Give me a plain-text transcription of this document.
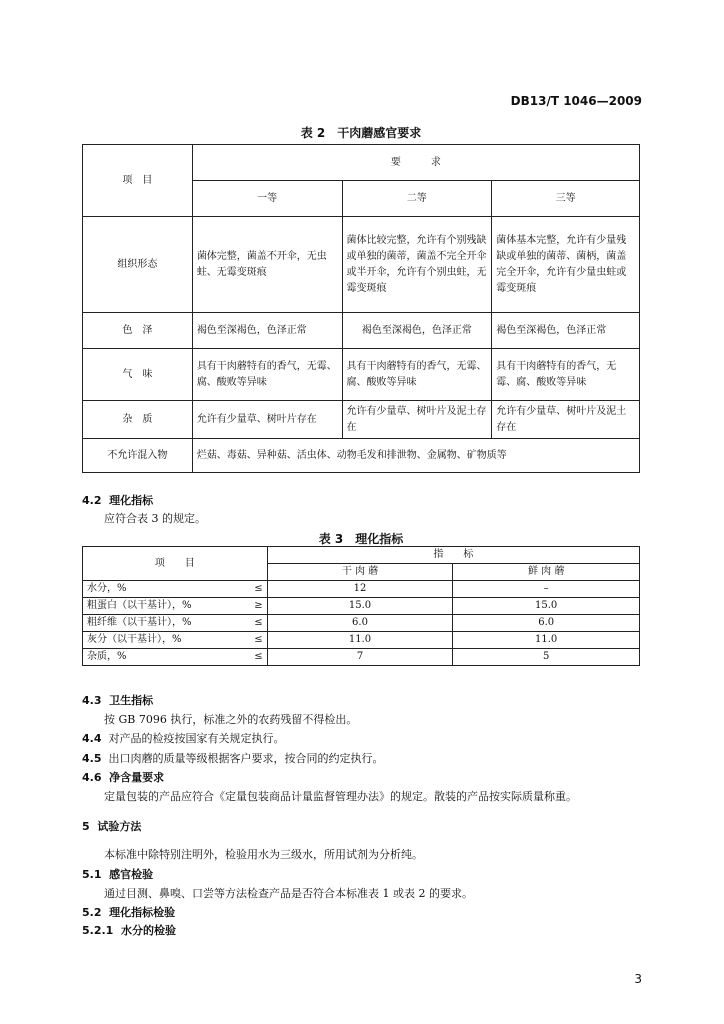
DB13/T 1046—2009
表 2　干肉蘑感官要求
项　目	要　　　求		
	一等	二等	三等
组织形态	菌体完整，菌盖不开伞，无虫蛀、无霉变斑痕	菌体比较完整，允许有个别残缺或单独的菌蒂，菌盖不完全开伞或半开伞，允许有个别虫蛀，无霉变斑痕	菌体基本完整，允许有少量残缺或单独的菌蒂、菌柄，菌盖完全开伞，允许有少量虫蛀或霉变斑痕
色　泽	褐色至深褐色，色泽正常	褐色至深褐色，色泽正常	褐色至深褐色，色泽正常
气　味	具有干肉蘑特有的香气，无霉、腐、酸败等异味	具有干肉蘑特有的香气，无霉、腐、酸败等异味	具有干肉蘑特有的香气，无霉、腐、酸败等异味
杂　质	允许有少量草、树叶片存在	允许有少量草、树叶片及泥土存在	允许有少量草、树叶片及泥土存在
不允许混入物	烂菇、毒菇、异种菇、活虫体、动物毛发和排泄物、金属物、矿物质等		
4.2 理化指标
应符合表 3 的规定。
表 3　理化指标
项　　目	指　　标	
	干 肉 蘑	鲜 肉 蘑
水分，% ≤	12	–
粗蛋白（以干基计），% ≥	15.0	15.0
粗纤维（以干基计），% ≤	6.0	6.0
灰分（以干基计），% ≤	11.0	11.0
杂质，% ≤	7	5
4.3 卫生指标
按 GB 7096 执行，标准之外的农药残留不得检出。
4.4 对产品的检疫按国家有关规定执行。
4.5 出口肉蘑的质量等级根据客户要求，按合同的约定执行。
4.6 净含量要求
定量包装的产品应符合《定量包装商品计量监督管理办法》的规定。散装的产品按实际质量称重。
5 试验方法
本标准中除特别注明外，检验用水为三级水，所用试剂为分析纯。
5.1 感官检验
通过目测、鼻嗅、口尝等方法检查产品是否符合本标准表 1 或表 2 的要求。
5.2 理化指标检验
5.2.1 水分的检验
3
